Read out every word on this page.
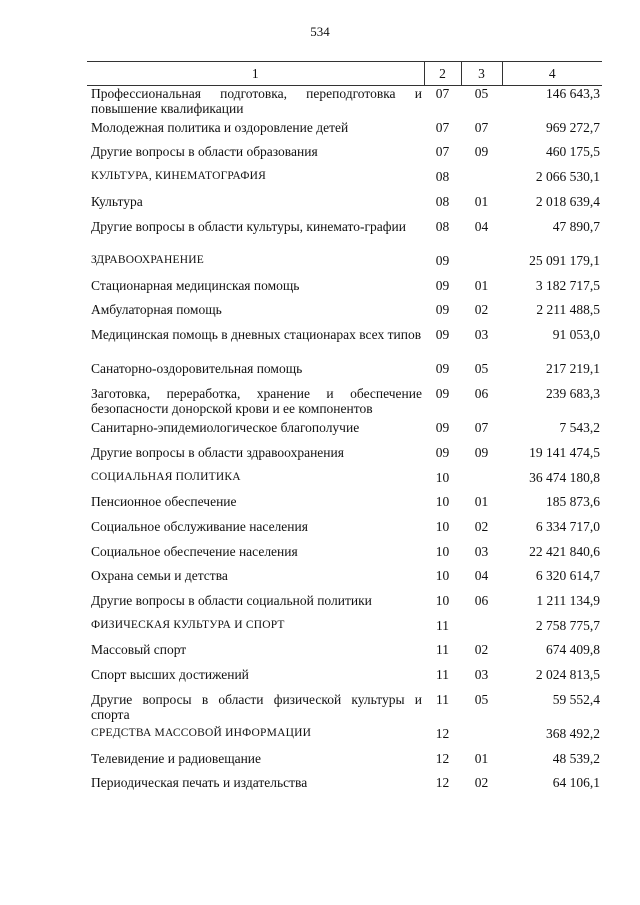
534
1	2	3	4
Профессиональная подготовка, переподготовка и повышение квалификации	07	05	146 643,3
Молодежная политика и оздоровление детей	07	07	969 272,7
Другие вопросы в области образования	07	09	460 175,5
КУЛЬТУРА, КИНЕМАТОГРАФИЯ	08		2 066 530,1
Культура	08	01	2 018 639,4
Другие вопросы в области культуры, кинемато-графии	08	04	47 890,7
ЗДРАВООХРАНЕНИЕ	09		25 091 179,1
Стационарная медицинская помощь	09	01	3 182 717,5
Амбулаторная помощь	09	02	2 211 488,5
Медицинская помощь в дневных стационарах всех типов	09	03	91 053,0
Санаторно-оздоровительная помощь	09	05	217 219,1
Заготовка, переработка, хранение и обеспечение безопасности донорской крови и ее компонентов	09	06	239 683,3
Санитарно-эпидемиологическое благополучие	09	07	7 543,2
Другие вопросы в области здравоохранения	09	09	19 141 474,5
СОЦИАЛЬНАЯ ПОЛИТИКА	10		36 474 180,8
Пенсионное обеспечение	10	01	185 873,6
Социальное обслуживание населения	10	02	6 334 717,0
Социальное обеспечение населения	10	03	22 421 840,6
Охрана семьи и детства	10	04	6 320 614,7
Другие вопросы в области социальной политики	10	06	1 211 134,9
ФИЗИЧЕСКАЯ КУЛЬТУРА И СПОРТ	11		2 758 775,7
Массовый спорт	11	02	674 409,8
Спорт высших достижений	11	03	2 024 813,5
Другие вопросы в области физической культуры и спорта	11	05	59 552,4
СРЕДСТВА МАССОВОЙ ИНФОРМАЦИИ	12		368 492,2
Телевидение и радиовещание	12	01	48 539,2
Периодическая печать и издательства	12	02	64 106,1
